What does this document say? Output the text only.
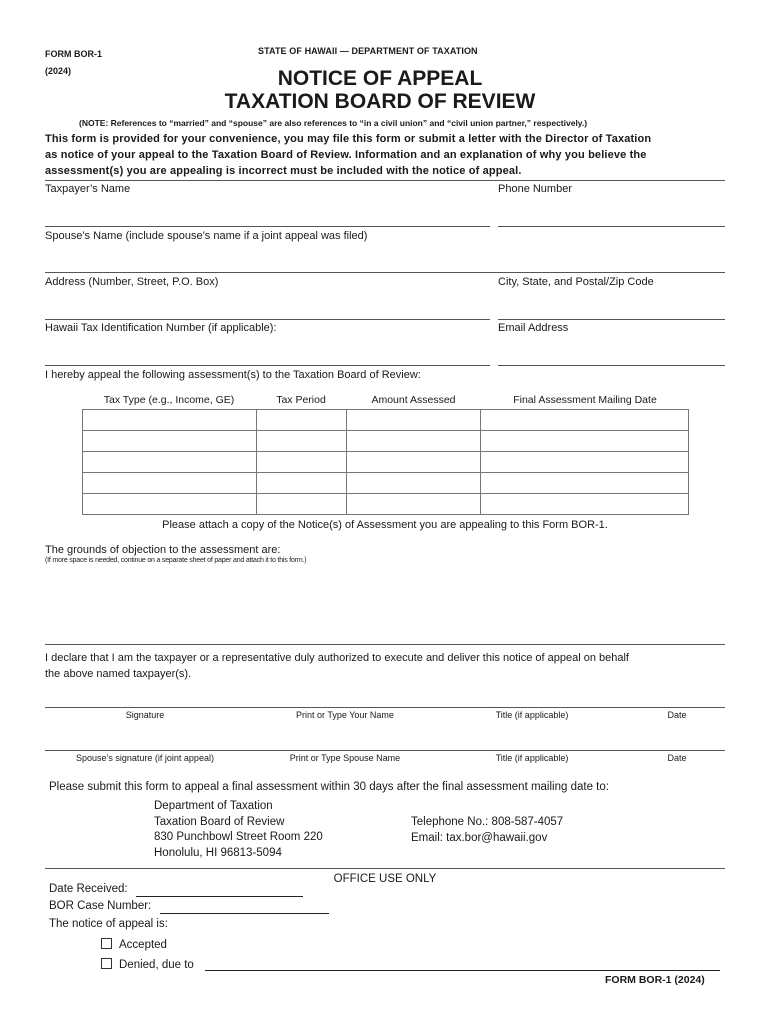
FORM BOR-1
(2024)
STATE OF HAWAII — DEPARTMENT OF TAXATION
NOTICE OF APPEAL
TAXATION BOARD OF REVIEW
(NOTE: References to “married” and “spouse” are also references to “in a civil union” and “civil union partner,” respectively.)
This form is provided for your convenience, you may file this form or submit a letter with the Director of Taxation
as notice of your appeal to the Taxation Board of Review. Information and an explanation of why you believe the
assessment(s) you are appealing is incorrect must be included with the notice of appeal.
Taxpayer’s Name	Phone Number
Spouse’s Name (include spouse’s name if a joint appeal was filed)
Address (Number, Street, P.O. Box)	City, State, and Postal/Zip Code
Hawaii Tax Identification Number (if applicable):	Email Address
I hereby appeal the following assessment(s) to the Taxation Board of Review:
Tax Type (e.g., Income, GE)	Tax Period	Amount Assessed	Final Assessment Mailing Date

Please attach a copy of the Notice(s) of Assessment you are appealing to this Form BOR-1.
The grounds of objection to the assessment are:
(If more space is needed, continue on a separate sheet of paper and attach it to this form.)
I declare that I am the taxpayer or a representative duly authorized to execute and deliver this notice of appeal on behalf
the above named taxpayer(s).
Signature	Print or Type Your Name	Title (if applicable)	Date
Spouse’s signature (if joint appeal)	Print or Type Spouse Name	Title (if applicable)	Date
Please submit this form to appeal a final assessment within 30 days after the final assessment mailing date to:
Department of Taxation
Taxation Board of Review
830 Punchbowl Street Room 220
Honolulu, HI 96813-5094
Telephone No.: 808-587-4057
Email: tax.bor@hawaii.gov
OFFICE USE ONLY
Date Received:
BOR Case Number:
The notice of appeal is:
Accepted
Denied, due to
FORM BOR-1 (2024)
